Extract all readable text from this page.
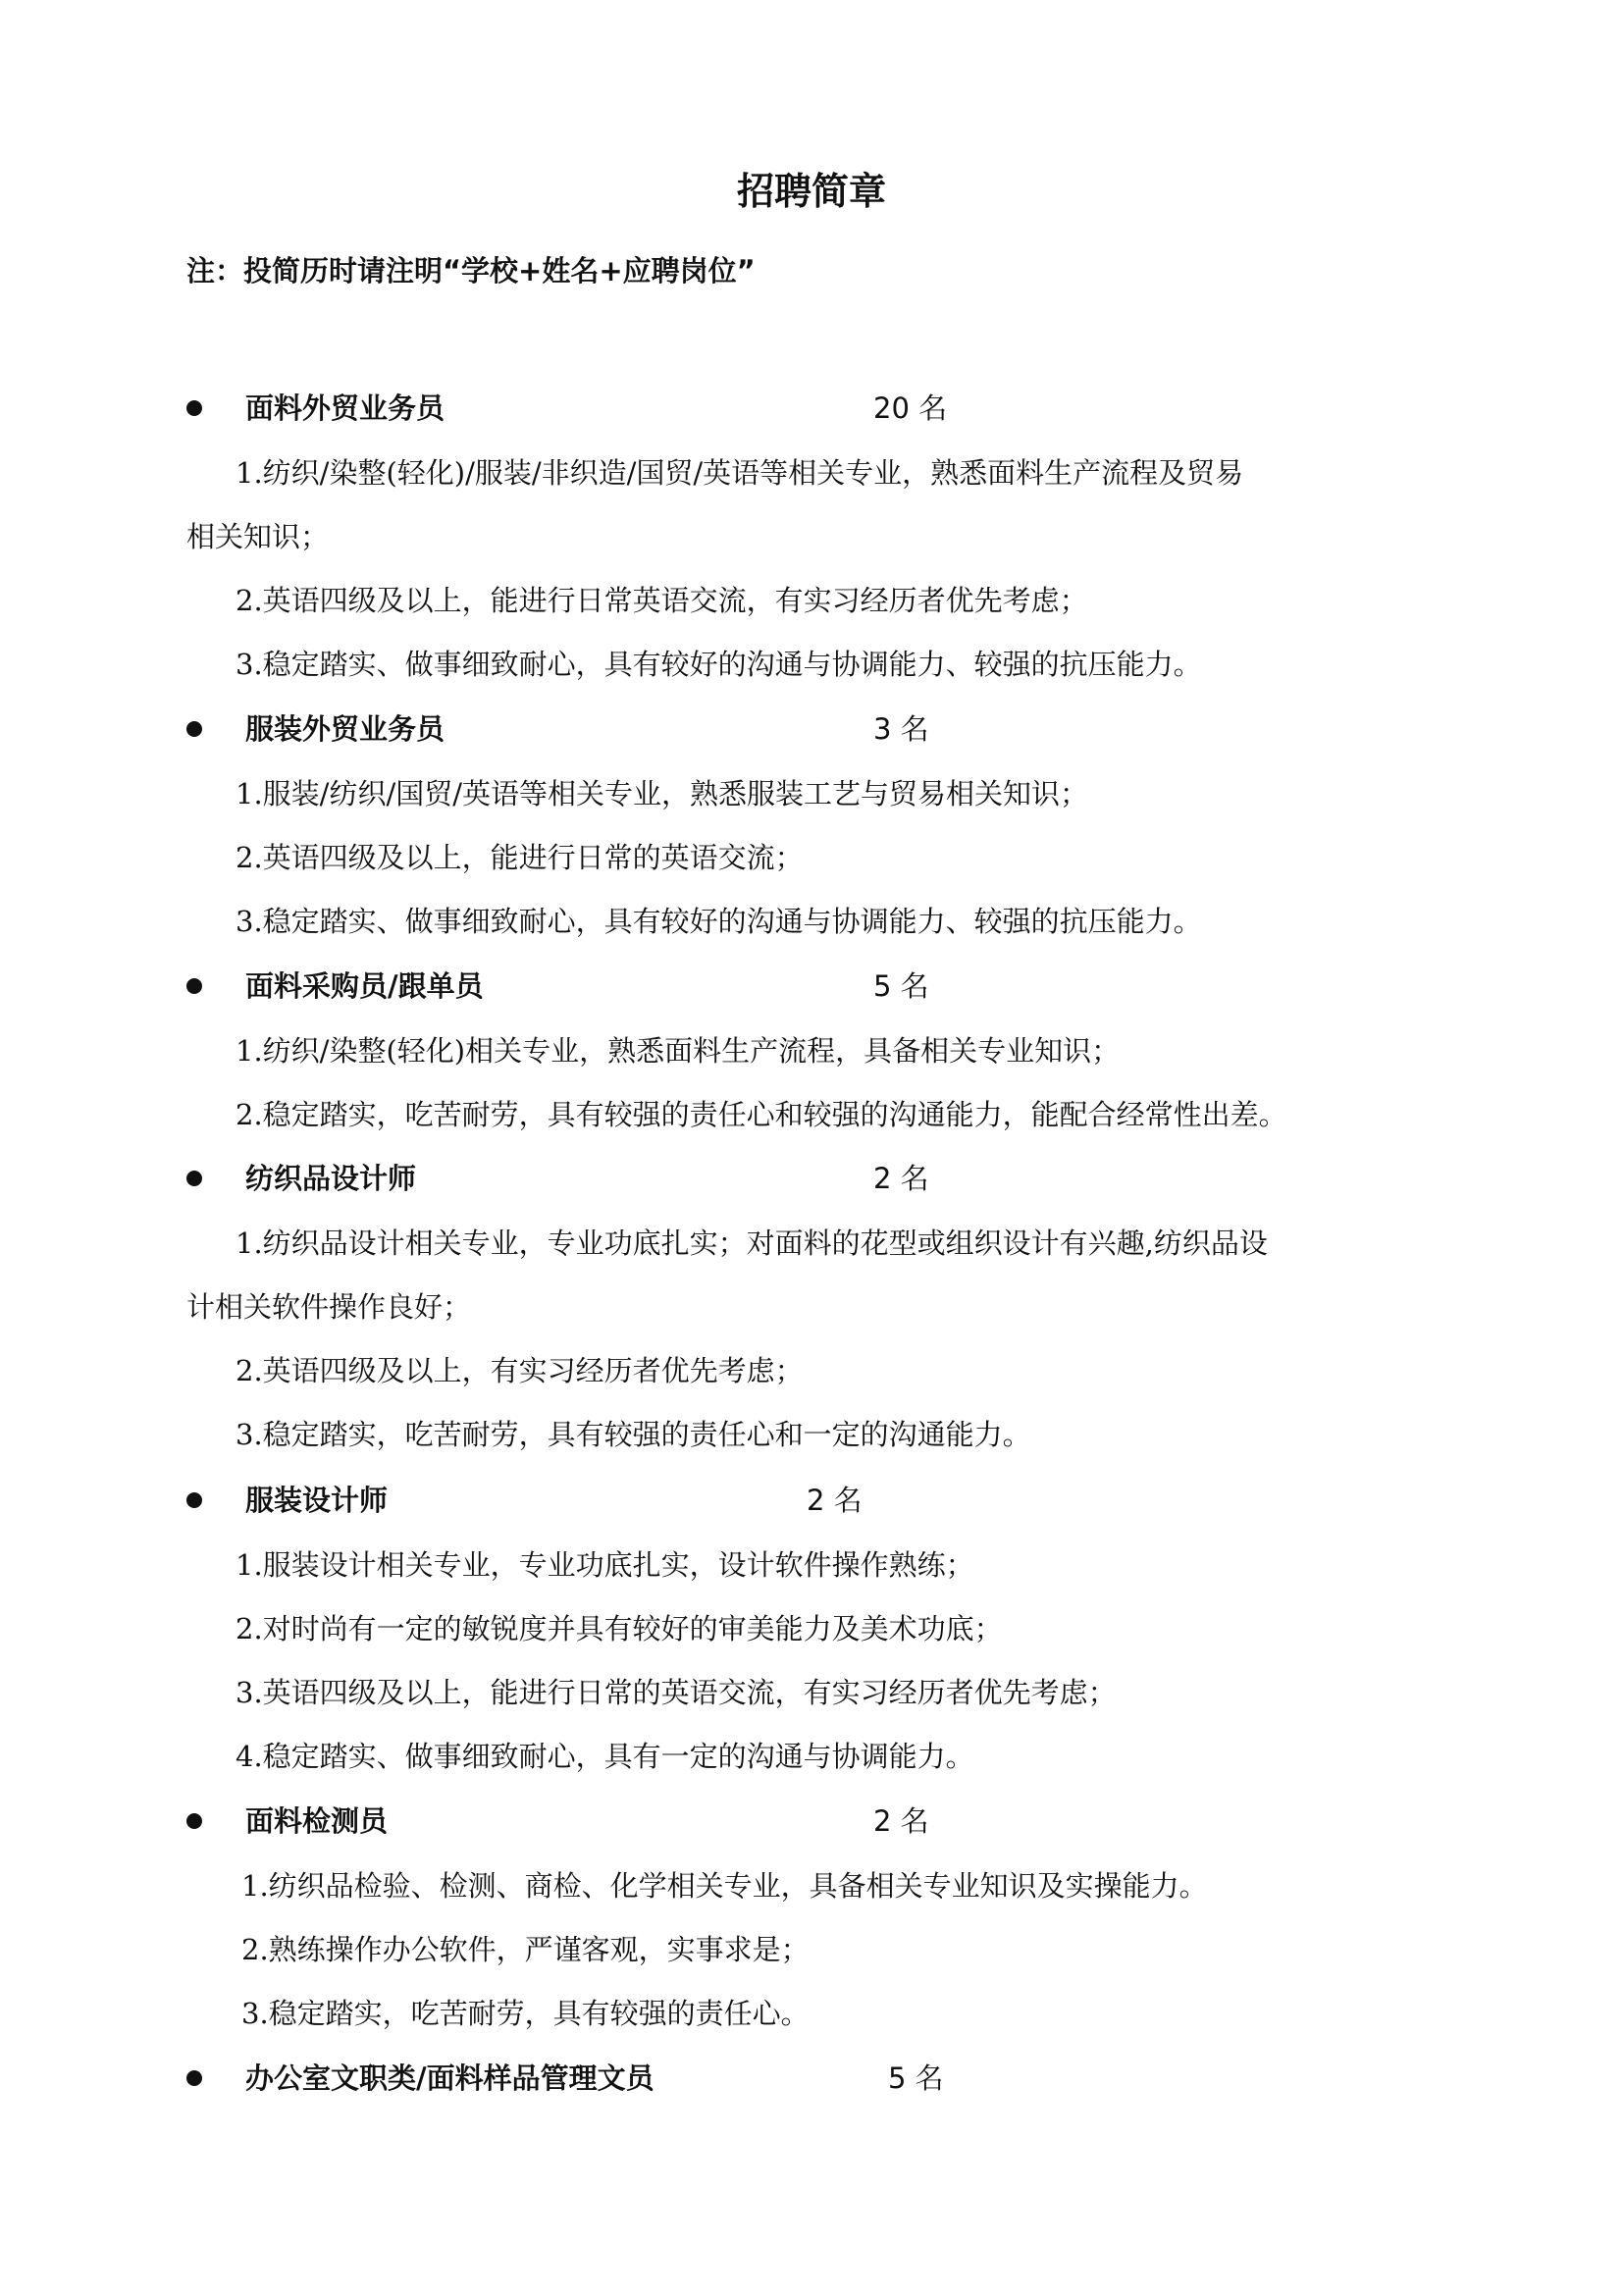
招聘简章
注：投简历时请注明“学校+姓名+应聘岗位”
面料外贸业务员	20 名
1.纺织/染整(轻化)/服装/非织造/国贸/英语等相关专业，熟悉面料生产流程及贸易
相关知识；
2.英语四级及以上，能进行日常英语交流，有实习经历者优先考虑；
3.稳定踏实、做事细致耐心，具有较好的沟通与协调能力、较强的抗压能力。
服装外贸业务员	3 名
1.服装/纺织/国贸/英语等相关专业，熟悉服装工艺与贸易相关知识；
2.英语四级及以上，能进行日常的英语交流；
3.稳定踏实、做事细致耐心，具有较好的沟通与协调能力、较强的抗压能力。
面料采购员/跟单员	5 名
1.纺织/染整(轻化)相关专业，熟悉面料生产流程，具备相关专业知识；
2.稳定踏实，吃苦耐劳，具有较强的责任心和较强的沟通能力，能配合经常性出差。
纺织品设计师	2 名
1.纺织品设计相关专业，专业功底扎实；对面料的花型或组织设计有兴趣,纺织品设
计相关软件操作良好；
2.英语四级及以上，有实习经历者优先考虑；
3.稳定踏实，吃苦耐劳，具有较强的责任心和一定的沟通能力。
服装设计师	2 名
1.服装设计相关专业，专业功底扎实，设计软件操作熟练；
2.对时尚有一定的敏锐度并具有较好的审美能力及美术功底；
3.英语四级及以上，能进行日常的英语交流，有实习经历者优先考虑；
4.稳定踏实、做事细致耐心，具有一定的沟通与协调能力。
面料检测员	2 名
1.纺织品检验、检测、商检、化学相关专业，具备相关专业知识及实操能力。
2.熟练操作办公软件，严谨客观，实事求是；
3.稳定踏实，吃苦耐劳，具有较强的责任心。
办公室文职类/面料样品管理文员	5 名
